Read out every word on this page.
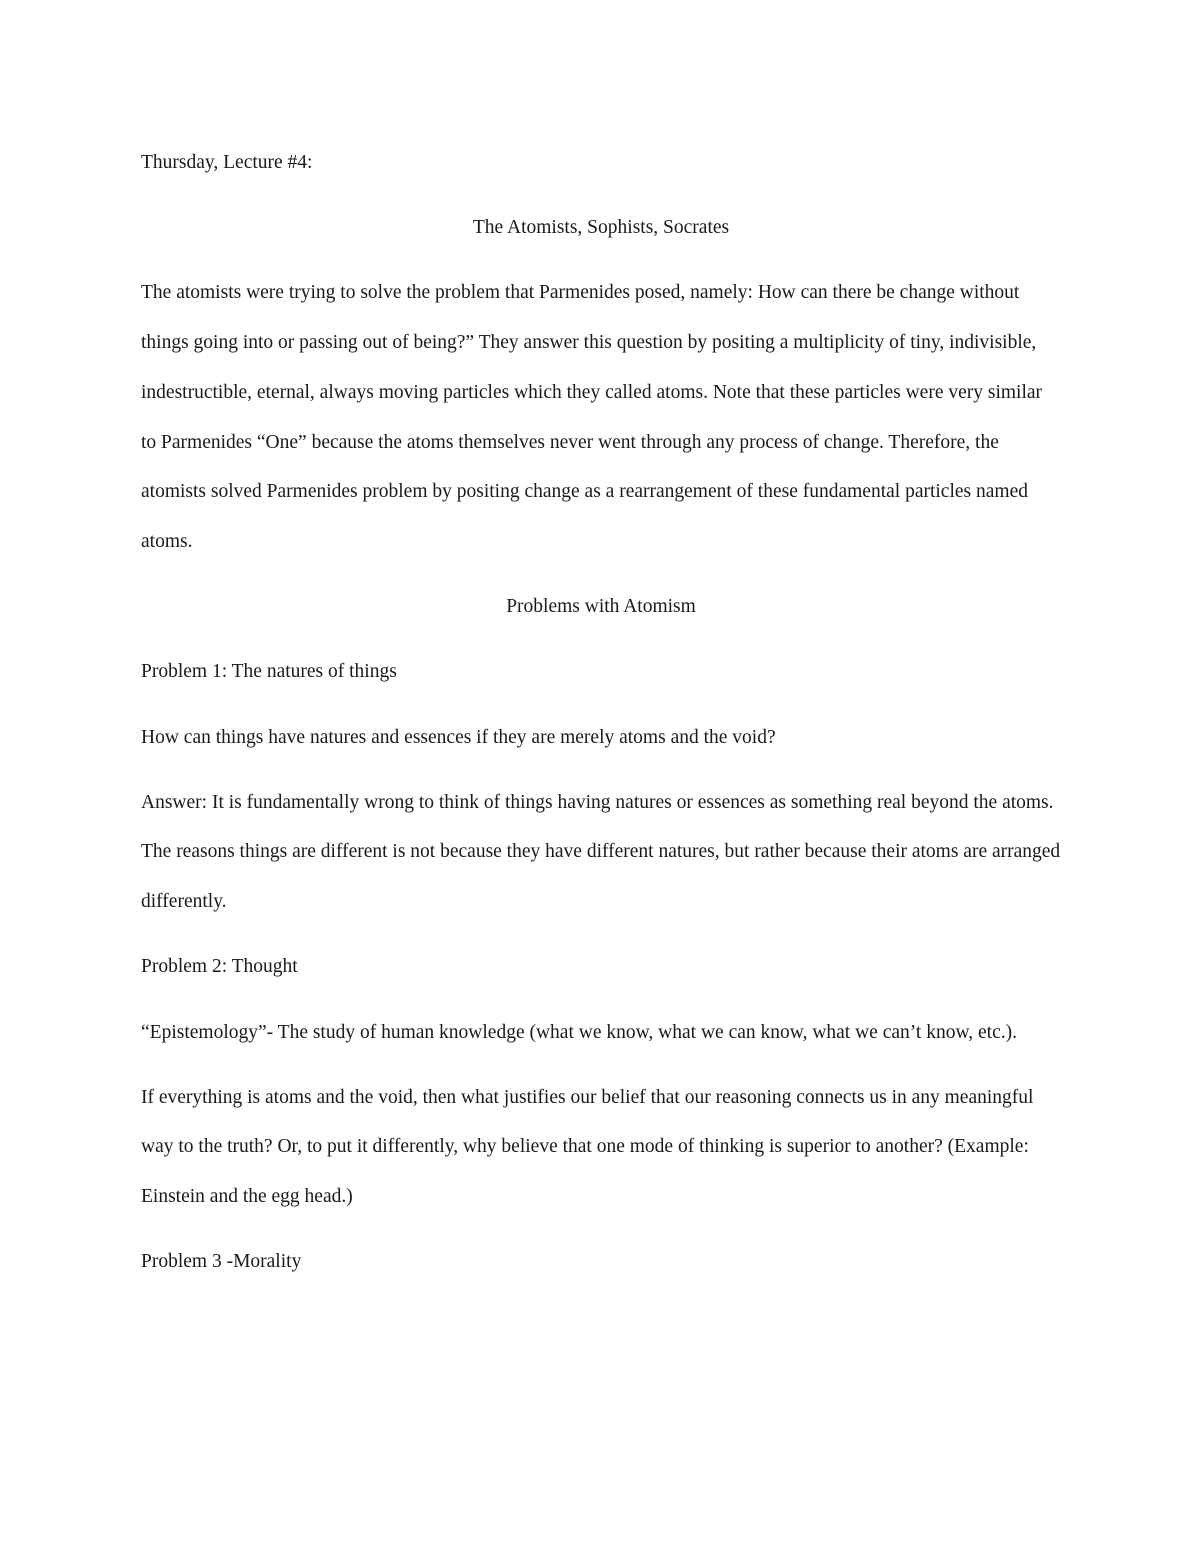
Thursday, Lecture #4:

The Atomists, Sophists, Socrates

The atomists were trying to solve the problem that Parmenides posed, namely: How can there be change without things going into or passing out of being?” They answer this question by positing a multiplicity of tiny, indivisible, indestructible, eternal, always moving particles which they called atoms. Note that these particles were very similar to Parmenides “One” because the atoms themselves never went through any process of change. Therefore, the atomists solved Parmenides problem by positing change as a rearrangement of these fundamental particles named atoms.

Problems with Atomism

Problem 1: The natures of things

How can things have natures and essences if they are merely atoms and the void?

Answer: It is fundamentally wrong to think of things having natures or essences as something real beyond the atoms. The reasons things are different is not because they have different natures, but rather because their atoms are arranged differently.

Problem 2: Thought

“Epistemology”- The study of human knowledge (what we know, what we can know, what we can’t know, etc.).

If everything is atoms and the void, then what justifies our belief that our reasoning connects us in any meaningful way to the truth? Or, to put it differently, why believe that one mode of thinking is superior to another? (Example: Einstein and the egg head.)

Problem 3 -Morality
